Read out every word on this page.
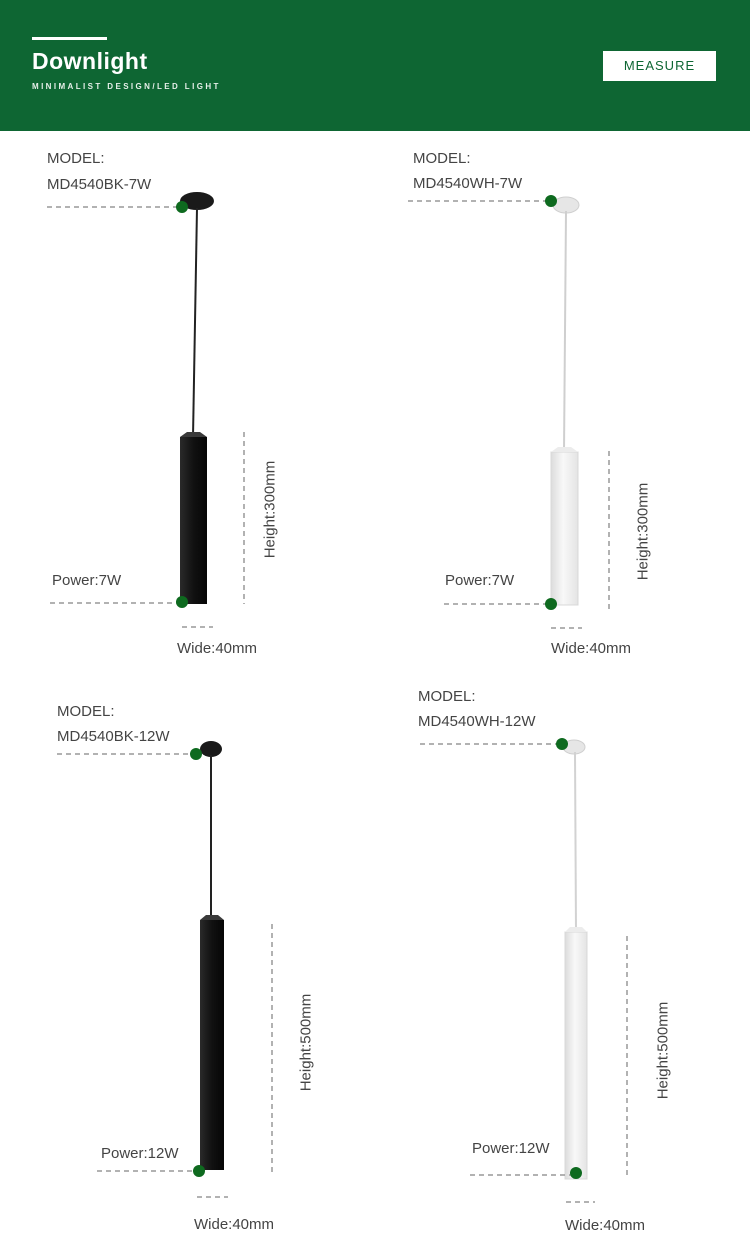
Downlight
MINIMALIST DESIGN/LED LIGHT
MEASURE
MODEL:
MD4540BK-7W
Power:7W
Height:300mm
Wide:40mm
MODEL:
MD4540WH-7W
Power:7W
Height:300mm
Wide:40mm
MODEL:
MD4540BK-12W
Power:12W
Height:500mm
Wide:40mm
MODEL:
MD4540WH-12W
Power:12W
Height:500mm
Wide:40mm
